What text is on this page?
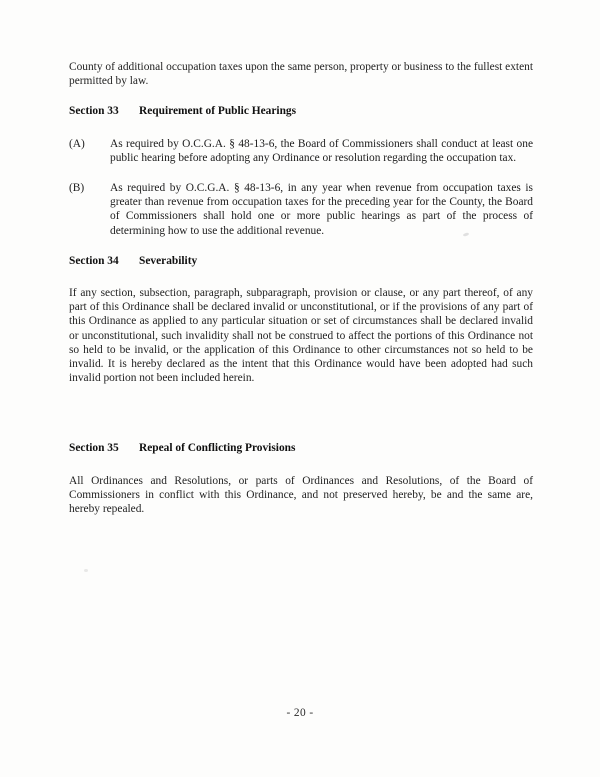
County of additional occupation taxes upon the same person, property or business to the fullest extent permitted by law.

Section 33	Requirement of Public Hearings
(A)	As required by O.C.G.A. § 48-13-6, the Board of Commissioners shall conduct at least one public hearing before adopting any Ordinance or resolution regarding the occupation tax.
(B)	As required by O.C.G.A. § 48-13-6, in any year when revenue from occupation taxes is greater than revenue from occupation taxes for the preceding year for the County, the Board of Commissioners shall hold one or more public hearings as part of the process of determining how to use the additional revenue.
Section 34	Severability

If any section, subsection, paragraph, subparagraph, provision or clause, or any part thereof, of any part of this Ordinance shall be declared invalid or unconstitutional, or if the provisions of any part of this Ordinance as applied to any particular situation or set of circumstances shall be declared invalid or unconstitutional, such invalidity shall not be construed to affect the portions of this Ordinance not so held to be invalid, or the application of this Ordinance to other circumstances not so held to be invalid. It is hereby declared as the intent that this Ordinance would have been adopted had such invalid portion not been included herein.

Section 35	Repeal of Conflicting Provisions

All Ordinances and Resolutions, or parts of Ordinances and Resolutions, of the Board of Commissioners in conflict with this Ordinance, and not preserved hereby, be and the same are, hereby repealed.

- 20 -
